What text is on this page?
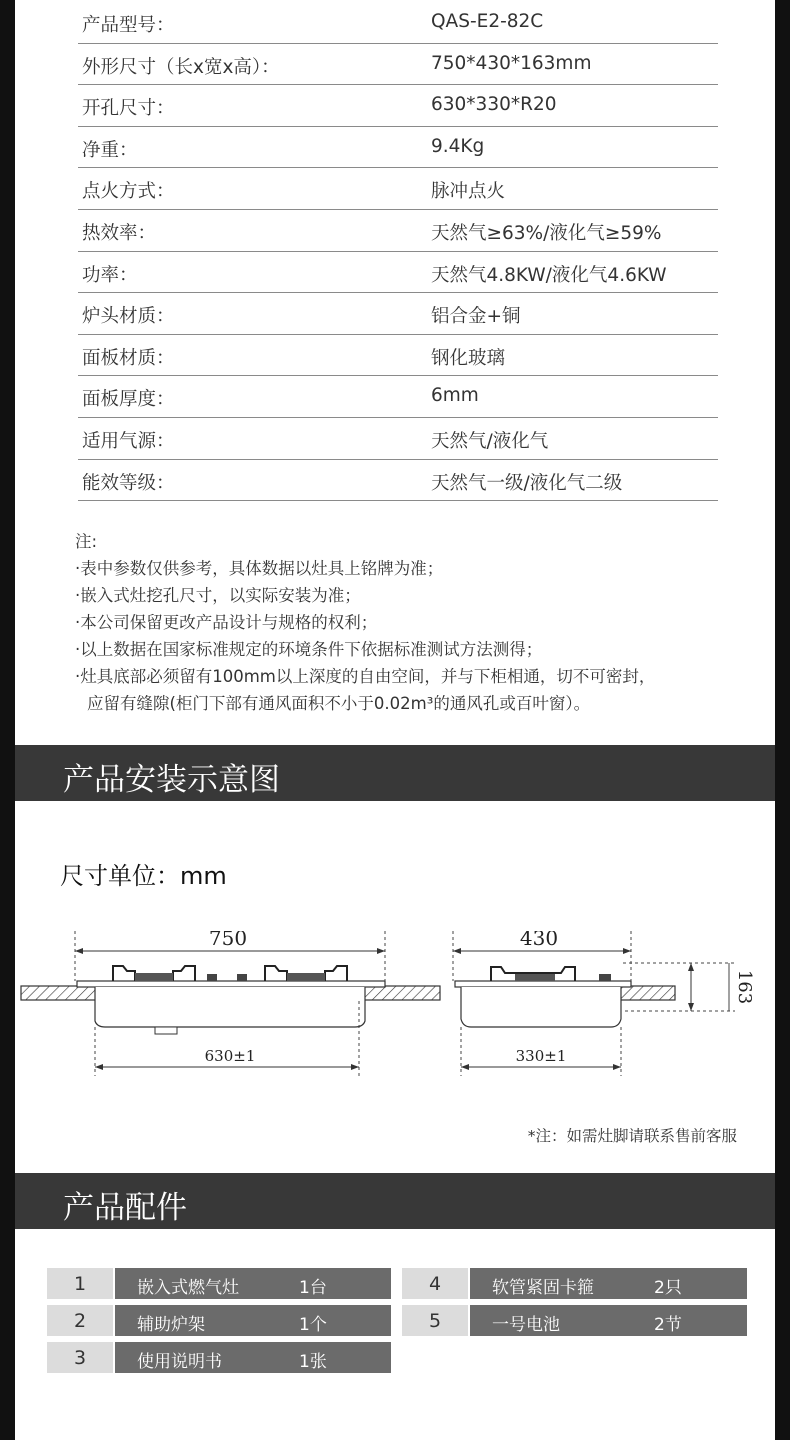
产品型号：	QAS-E2-82C
外形尺寸（长x宽x高）：	750*430*163mm
开孔尺寸：	630*330*R20
净重：	9.4Kg
点火方式：	脉冲点火
热效率：	天然气≥63%/液化气≥59%
功率：	天然气4.8KW/液化气4.6KW
炉头材质：	铝合金+铜
面板材质：	钢化玻璃
面板厚度：	6mm
适用气源：	天然气/液化气
能效等级：	天然气一级/液化气二级
注:
·表中参数仅供参考，具体数据以灶具上铭牌为准；
·嵌入式灶挖孔尺寸，以实际安装为准；
·本公司保留更改产品设计与规格的权利；
·以上数据在国家标准规定的环境条件下依据标准测试方法测得；
·灶具底部必须留有100mm以上深度的自由空间，并与下柜相通，切不可密封，
应留有缝隙(柜门下部有通风面积不小于0.02m³的通风孔或百叶窗）。
产品安装示意图
尺寸单位：mm
750
630±1
430
330±1
163
*注：如需灶脚请联系售前客服
产品配件
1	嵌入式燃气灶	1台
2	辅助炉架	1个
3	使用说明书	1张
4	软管紧固卡箍	2只
5	一号电池	2节
